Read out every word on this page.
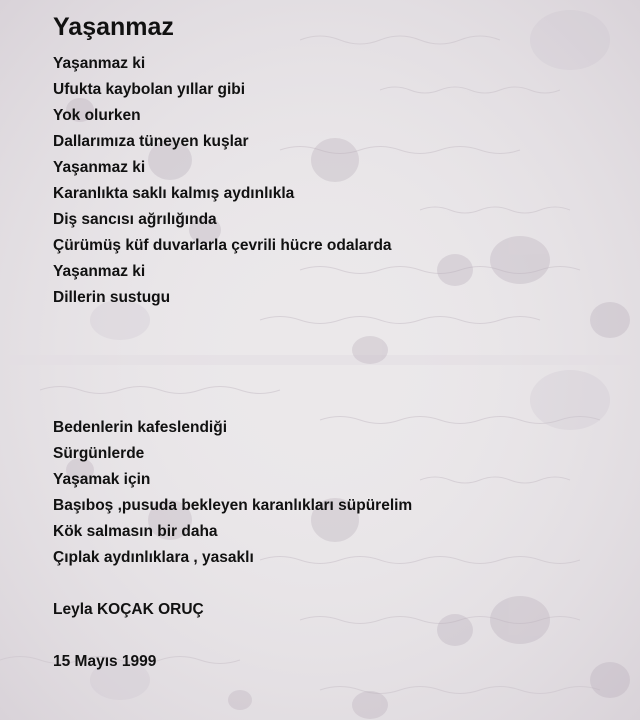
Yaşanmaz
Yaşanmaz ki
Ufukta kaybolan yıllar gibi
Yok olurken
Dallarımıza tüneyen kuşlar
Yaşanmaz ki
Karanlıkta saklı kalmış aydınlıkla
Diş sancısı ağrılığında
Çürümüş küf duvarlarla çevrili hücre odalarda
Yaşanmaz ki
Dillerin sustugu
Bedenlerin kafeslendiği
Sürgünlerde
Yaşamak için
Başıboş ,pusuda bekleyen karanlıkları süpürelim
Kök salmasın bir daha
Çıplak aydınlıklara , yasaklı
Leyla KOÇAK ORUÇ
15 Mayıs 1999
